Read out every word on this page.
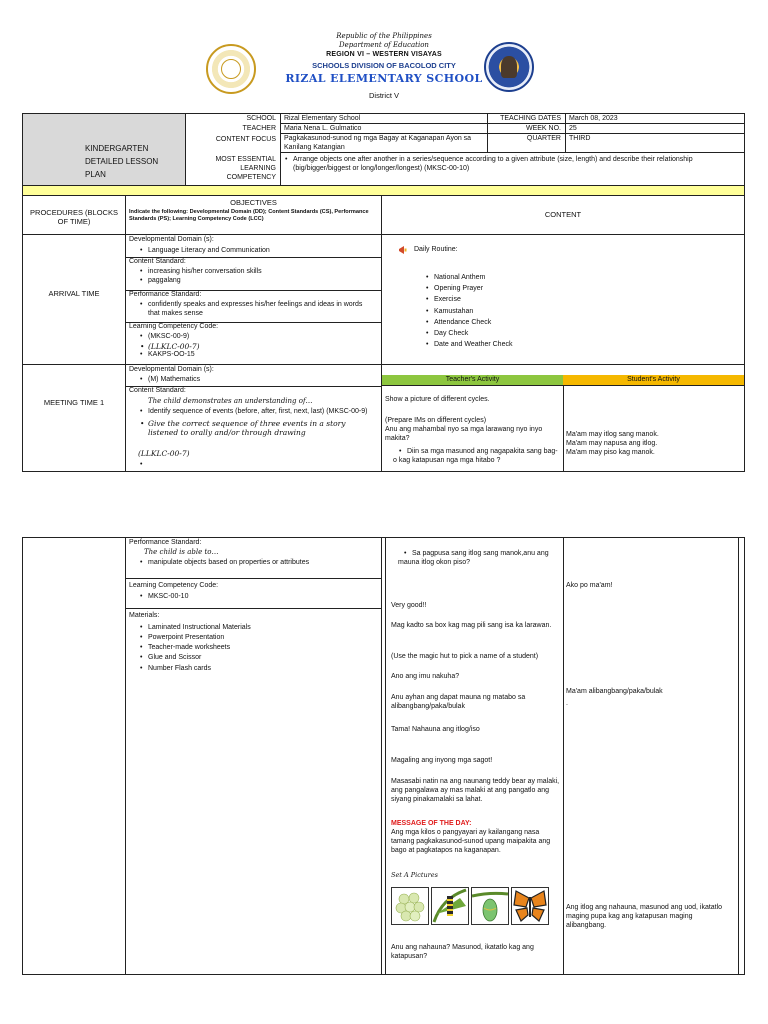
Republic of the Philippines
Department of Education
REGION VI – WESTERN VISAYAS
SCHOOLS DIVISION OF BACOLOD CITY
RIZAL ELEMENTARY SCHOOL
District V
KINDERGARTEN
DETAILED LESSON
PLAN
SCHOOL
TEACHER
CONTENT FOCUS
MOST ESSENTIAL LEARNING COMPETENCY
Rizal Elementary School
Maria Nena L. Gulmatico
Pagkakasunod-sunod ng mga Bagay at Kaganapan Ayon sa Kanilang Katangian
TEACHING DATES
WEEK NO.
QUARTER
March 08, 2023
25
THIRD
• Arrange objects one after another in a series/sequence according to a given attribute (size, length) and describe their relationship (big/bigger/biggest or long/longer/longest) (MKSC-00-10)
PROCEDURES (BLOCKS OF TIME)
OBJECTIVES
Indicate the following: Developmental Domain (DD); Content Standards (CS), Performance Standards (PS); Learning Competency Code (LCC)	CONTENT
ARRIVAL TIME
Developmental Domain (s):
• Language Literacy and Communication
Content Standard:
• increasing his/her conversation skills
• paggalang
Performance Standard:
• confidently speaks and expresses his/her feelings and ideas in words that makes sense
Learning Competency Code:
• (MKSC-00-9)
• (LLKLC-00-7)
• KAKPS-OO-15
Daily Routine:
• National Anthem
• Opening Prayer
• Exercise
• Kamustahan
• Attendance Check
• Day Check
• Date and Weather Check
MEETING TIME 1
Developmental Domain (s):
• (M) Mathematics
Content Standard:
The child demonstrates an understanding of…
• Identify sequence of events (before, after, first, next, last) (MKSC-00-9)
• Give the correct sequence of three events in a story listened to orally and/or through drawing
(LLKLC-00-7)
Teacher's Activity	Student's Activity
Show a picture of different cycles.
(Prepare IMs on different cycles)
Anu ang mahambal nyo sa mga larawang nyo inyo makita?
• Diin sa mga masunod ang nagapakita sang bag-o kag katapusan nga mga hitabo ?
Ma'am may itlog sang manok.
Ma'am may napusa ang itlog.
Ma'am may piso kag manok.
Performance Standard:
The child is able to…
• manipulate objects based on properties or attributes
Learning Competency Code:
• MKSC-00-10
Materials:
• Laminated Instructional Materials
• Powerpoint Presentation
• Teacher-made worksheets
• Glue and Scissor
• Number Flash cards
• Sa pagpusa sang itlog sang manok,anu ang mauna itlog okon piso?
Very good!!
Mag kadto sa box kag mag pili sang isa ka larawan.
(Use the magic hut to pick a name of a student)
Ano ang imu nakuha?
Anu ayhan ang dapat mauna ng matabo sa alibangbang/paka/bulak
Tama! Nahauna ang itlog/iso
Magaling ang inyong mga sagot!
Masasabi natin na ang naunang teddy bear ay malaki, ang pangalawa ay mas malaki at ang pangatlo ang siyang pinakamalaki sa lahat.
MESSAGE OF THE DAY:
Ang mga kilos o pangyayari ay kailangang nasa tamang pagkakasunod-sunod upang maipakita ang bago at pagkatapos na kaganapan.
Set A Pictures
Anu ang nahauna? Masunod, ikatatlo kag ang katapusan?
Ako po ma'am!
Ma'am alibangbang/paka/bulak
.
Ang itlog ang nahauna, masunod ang uod, ikatatlo maging pupa kag ang katapusan maging alibangbang.
